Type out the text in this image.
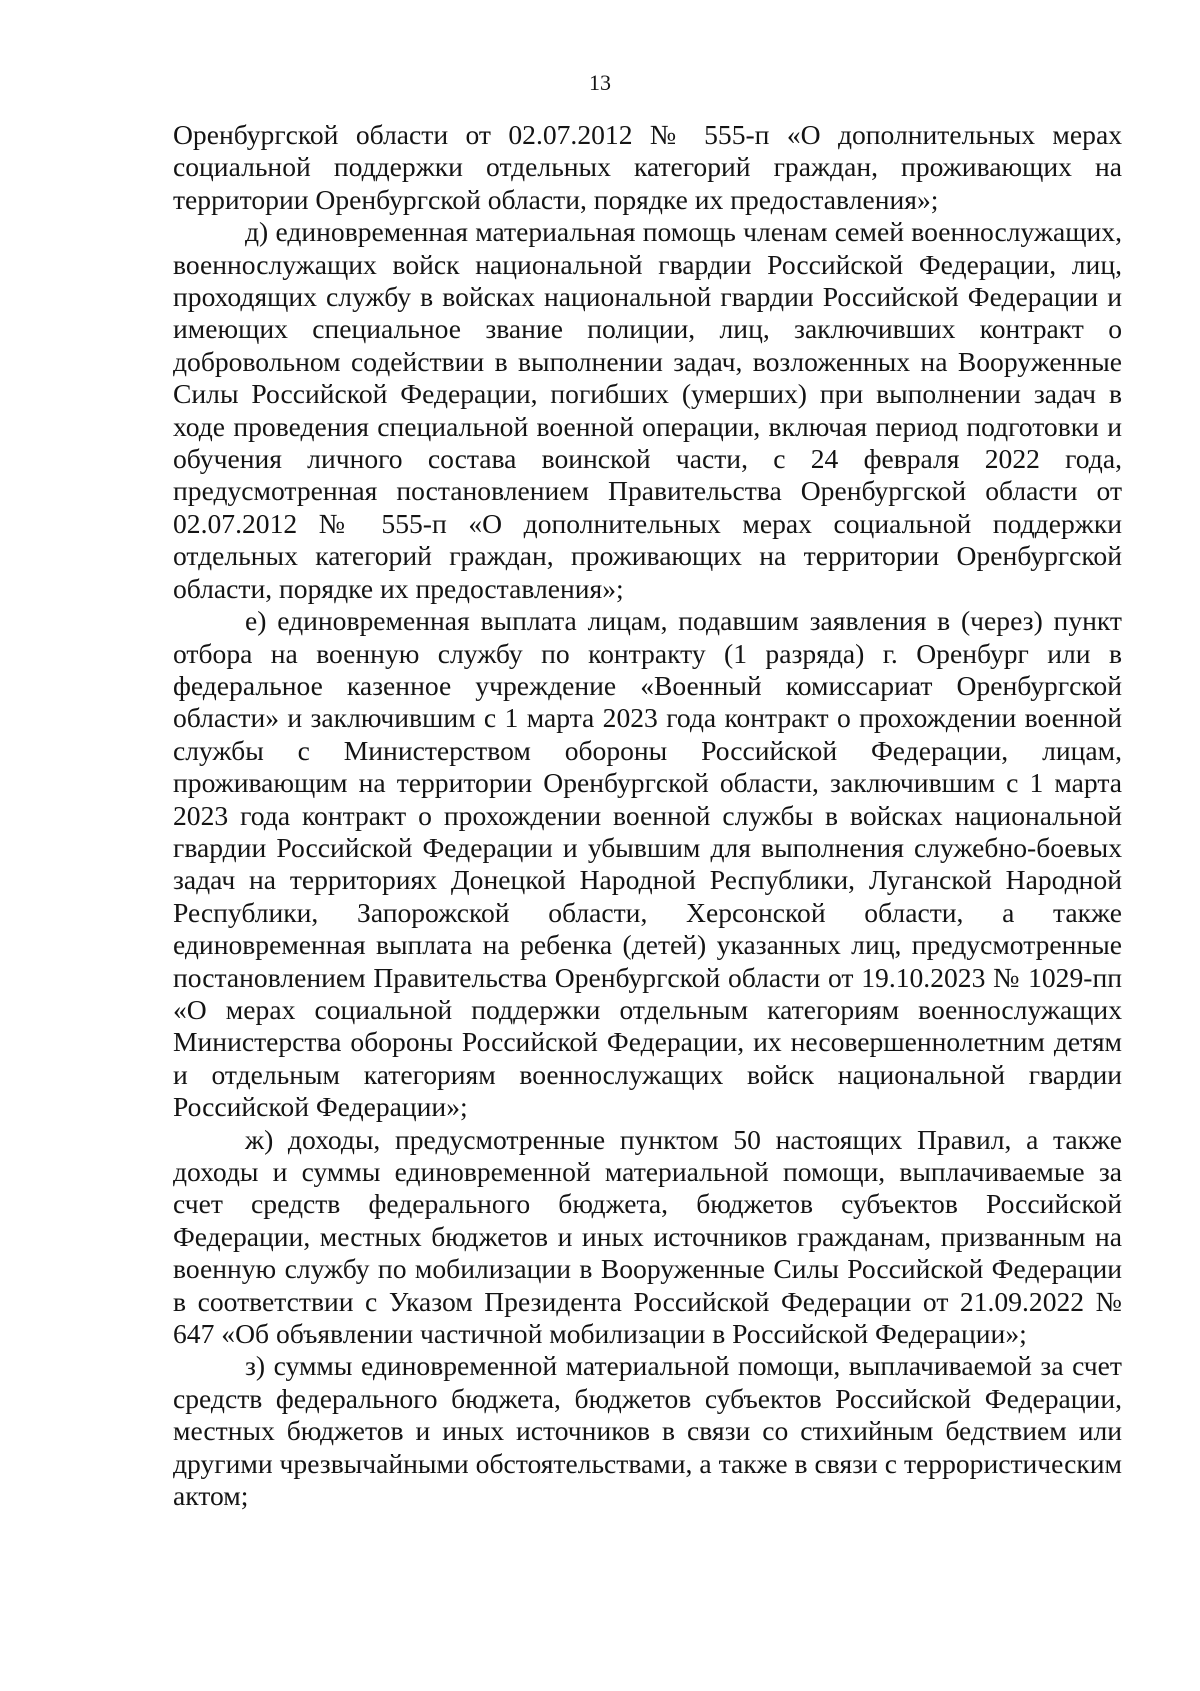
13

Оренбургской области от 02.07.2012 № 555-п «О дополнительных мерах социальной поддержки отдельных категорий граждан, проживающих на территории Оренбургской области, порядке их предоставления»;

д) единовременная материальная помощь членам семей военнослужащих, военнослужащих войск национальной гвардии Российской Федерации, лиц, проходящих службу в войсках национальной гвардии Российской Федерации и имеющих специальное звание полиции, лиц, заключивших контракт о добровольном содействии в выполнении задач, возложенных на Вооруженные Силы Российской Федерации, погибших (умерших) при выполнении задач в ходе проведения специальной военной операции, включая период подготовки и обучения личного состава воинской части, с 24 февраля 2022 года, предусмотренная постановлением Правительства Оренбургской области от 02.07.2012 № 555-п «О дополнительных мерах социальной поддержки отдельных категорий граждан, проживающих на территории Оренбургской области, порядке их предоставления»;

е) единовременная выплата лицам, подавшим заявления в (через) пункт отбора на военную службу по контракту (1 разряда) г. Оренбург или в федеральное казенное учреждение «Военный комиссариат Оренбургской области» и заключившим с 1 марта 2023 года контракт о прохождении военной службы с Министерством обороны Российской Федерации, лицам, проживающим на территории Оренбургской области, заключившим с 1 марта 2023 года контракт о прохождении военной службы в войсках национальной гвардии Российской Федерации и убывшим для выполнения служебно-боевых задач на территориях Донецкой Народной Республики, Луганской Народной Республики, Запорожской области, Херсонской области, а также единовременная выплата на ребенка (детей) указанных лиц, предусмотренные постановлением Правительства Оренбургской области от 19.10.2023 № 1029-пп «О мерах социальной поддержки отдельным категориям военнослужащих Министерства обороны Российской Федерации, их несовершеннолетним детям и отдельным категориям военнослужащих войск национальной гвардии Российской Федерации»;

ж) доходы, предусмотренные пунктом 50 настоящих Правил, а также доходы и суммы единовременной материальной помощи, выплачиваемые за счет средств федерального бюджета, бюджетов субъектов Российской Федерации, местных бюджетов и иных источников гражданам, призванным на военную службу по мобилизации в Вооруженные Силы Российской Федерации в соответствии с Указом Президента Российской Федерации от 21.09.2022 № 647 «Об объявлении частичной мобилизации в Российской Федерации»;

з) суммы единовременной материальной помощи, выплачиваемой за счет средств федерального бюджета, бюджетов субъектов Российской Федерации, местных бюджетов и иных источников в связи со стихийным бедствием или другими чрезвычайными обстоятельствами, а также в связи с террористическим актом;
